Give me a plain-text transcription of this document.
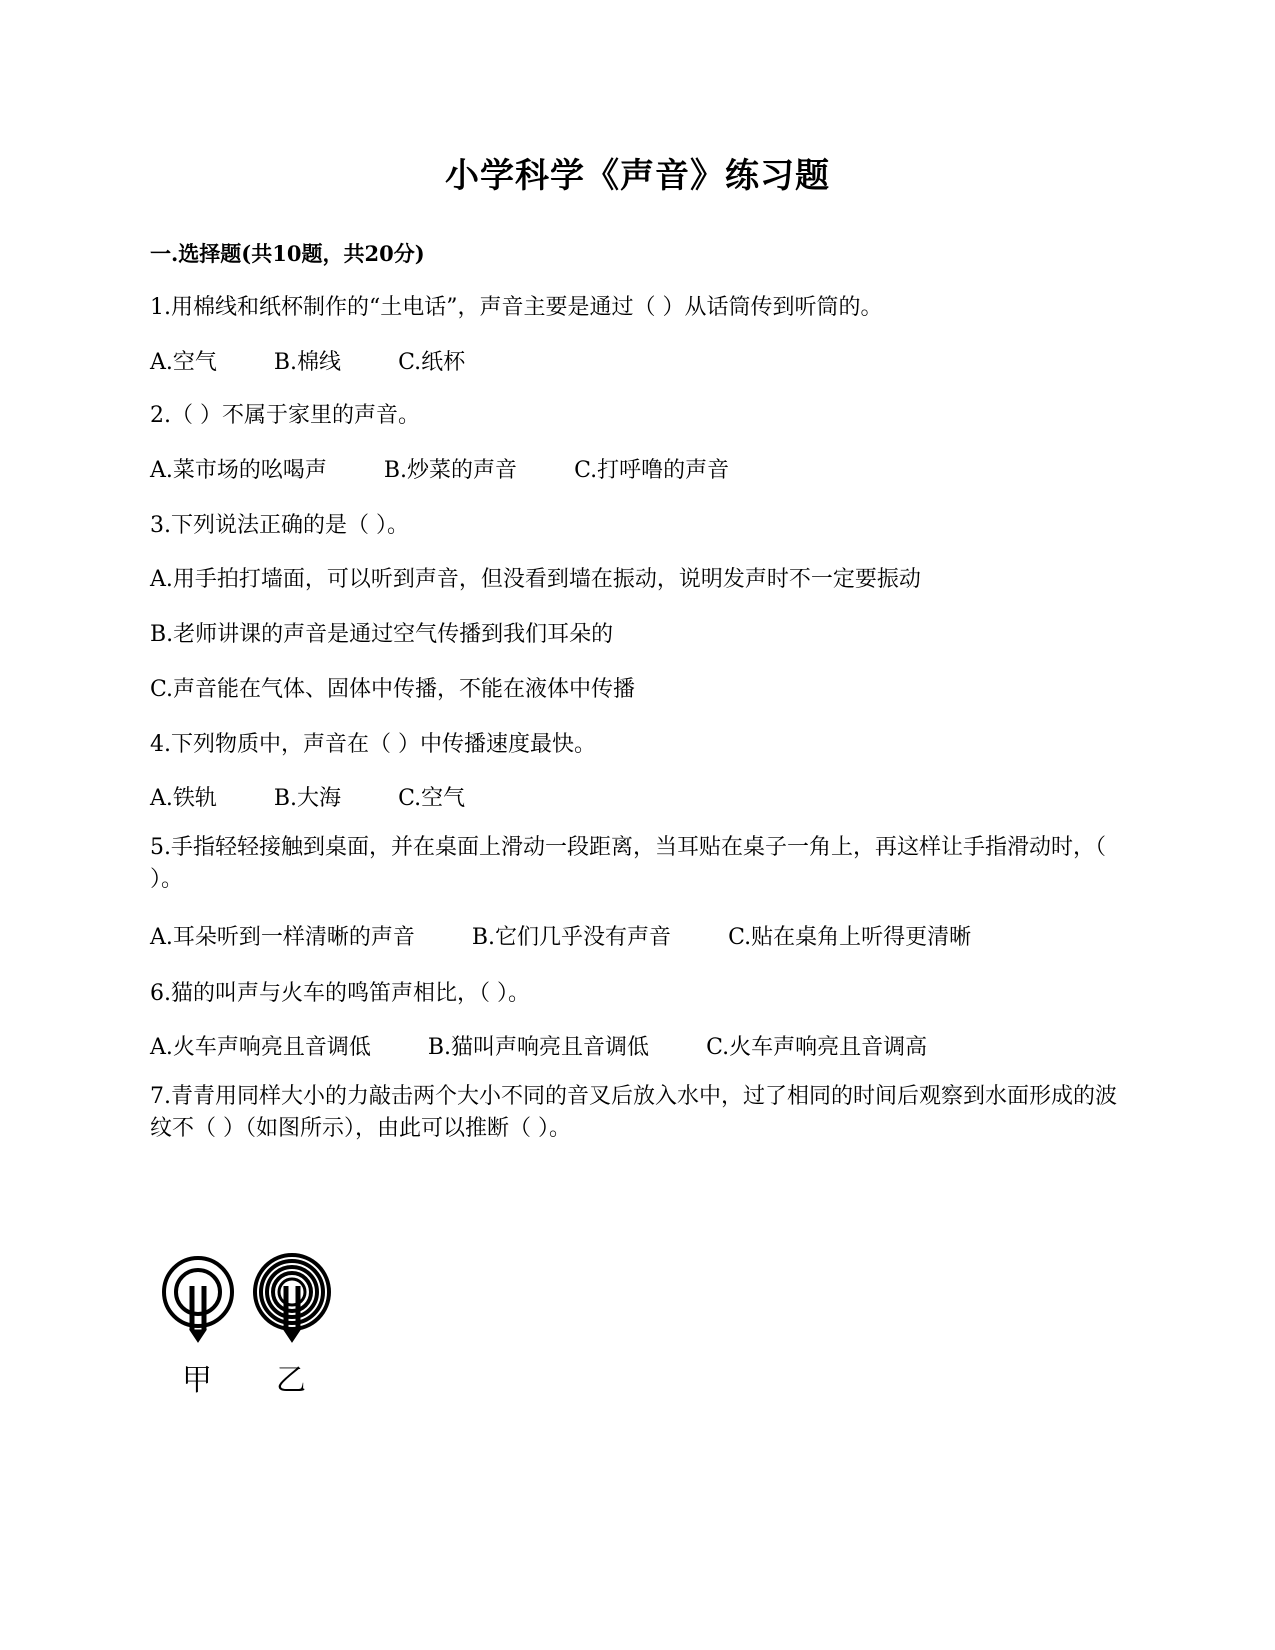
小学科学《声音》练习题
一.选择题(共10题，共20分)
1.用棉线和纸杯制作的“土电话”，声音主要是通过（ ）从话筒传到听筒的。
A.空气	B.棉线	C.纸杯
2.（ ）不属于家里的声音。
A.菜市场的吆喝声	B.炒菜的声音	C.打呼噜的声音
3.下列说法正确的是（ ）。
A.用手拍打墙面，可以听到声音，但没看到墙在振动，说明发声时不一定要振动
B.老师讲课的声音是通过空气传播到我们耳朵的
C.声音能在气体、固体中传播，不能在液体中传播
4.下列物质中，声音在（ ）中传播速度最快。
A.铁轨	B.大海	C.空气
5.手指轻轻接触到桌面，并在桌面上滑动一段距离，当耳贴在桌子一角上，再这样让手指滑动时，（ ）。
A.耳朵听到一样清晰的声音	B.它们几乎没有声音	C.贴在桌角上听得更清晰
6.猫的叫声与火车的鸣笛声相比，（ ）。
A.火车声响亮且音调低	B.猫叫声响亮且音调低	C.火车声响亮且音调高
7.青青用同样大小的力敲击两个大小不同的音叉后放入水中，过了相同的时间后观察到水面形成的波纹不（ ）（如图所示），由此可以推断（ ）。
甲 乙
